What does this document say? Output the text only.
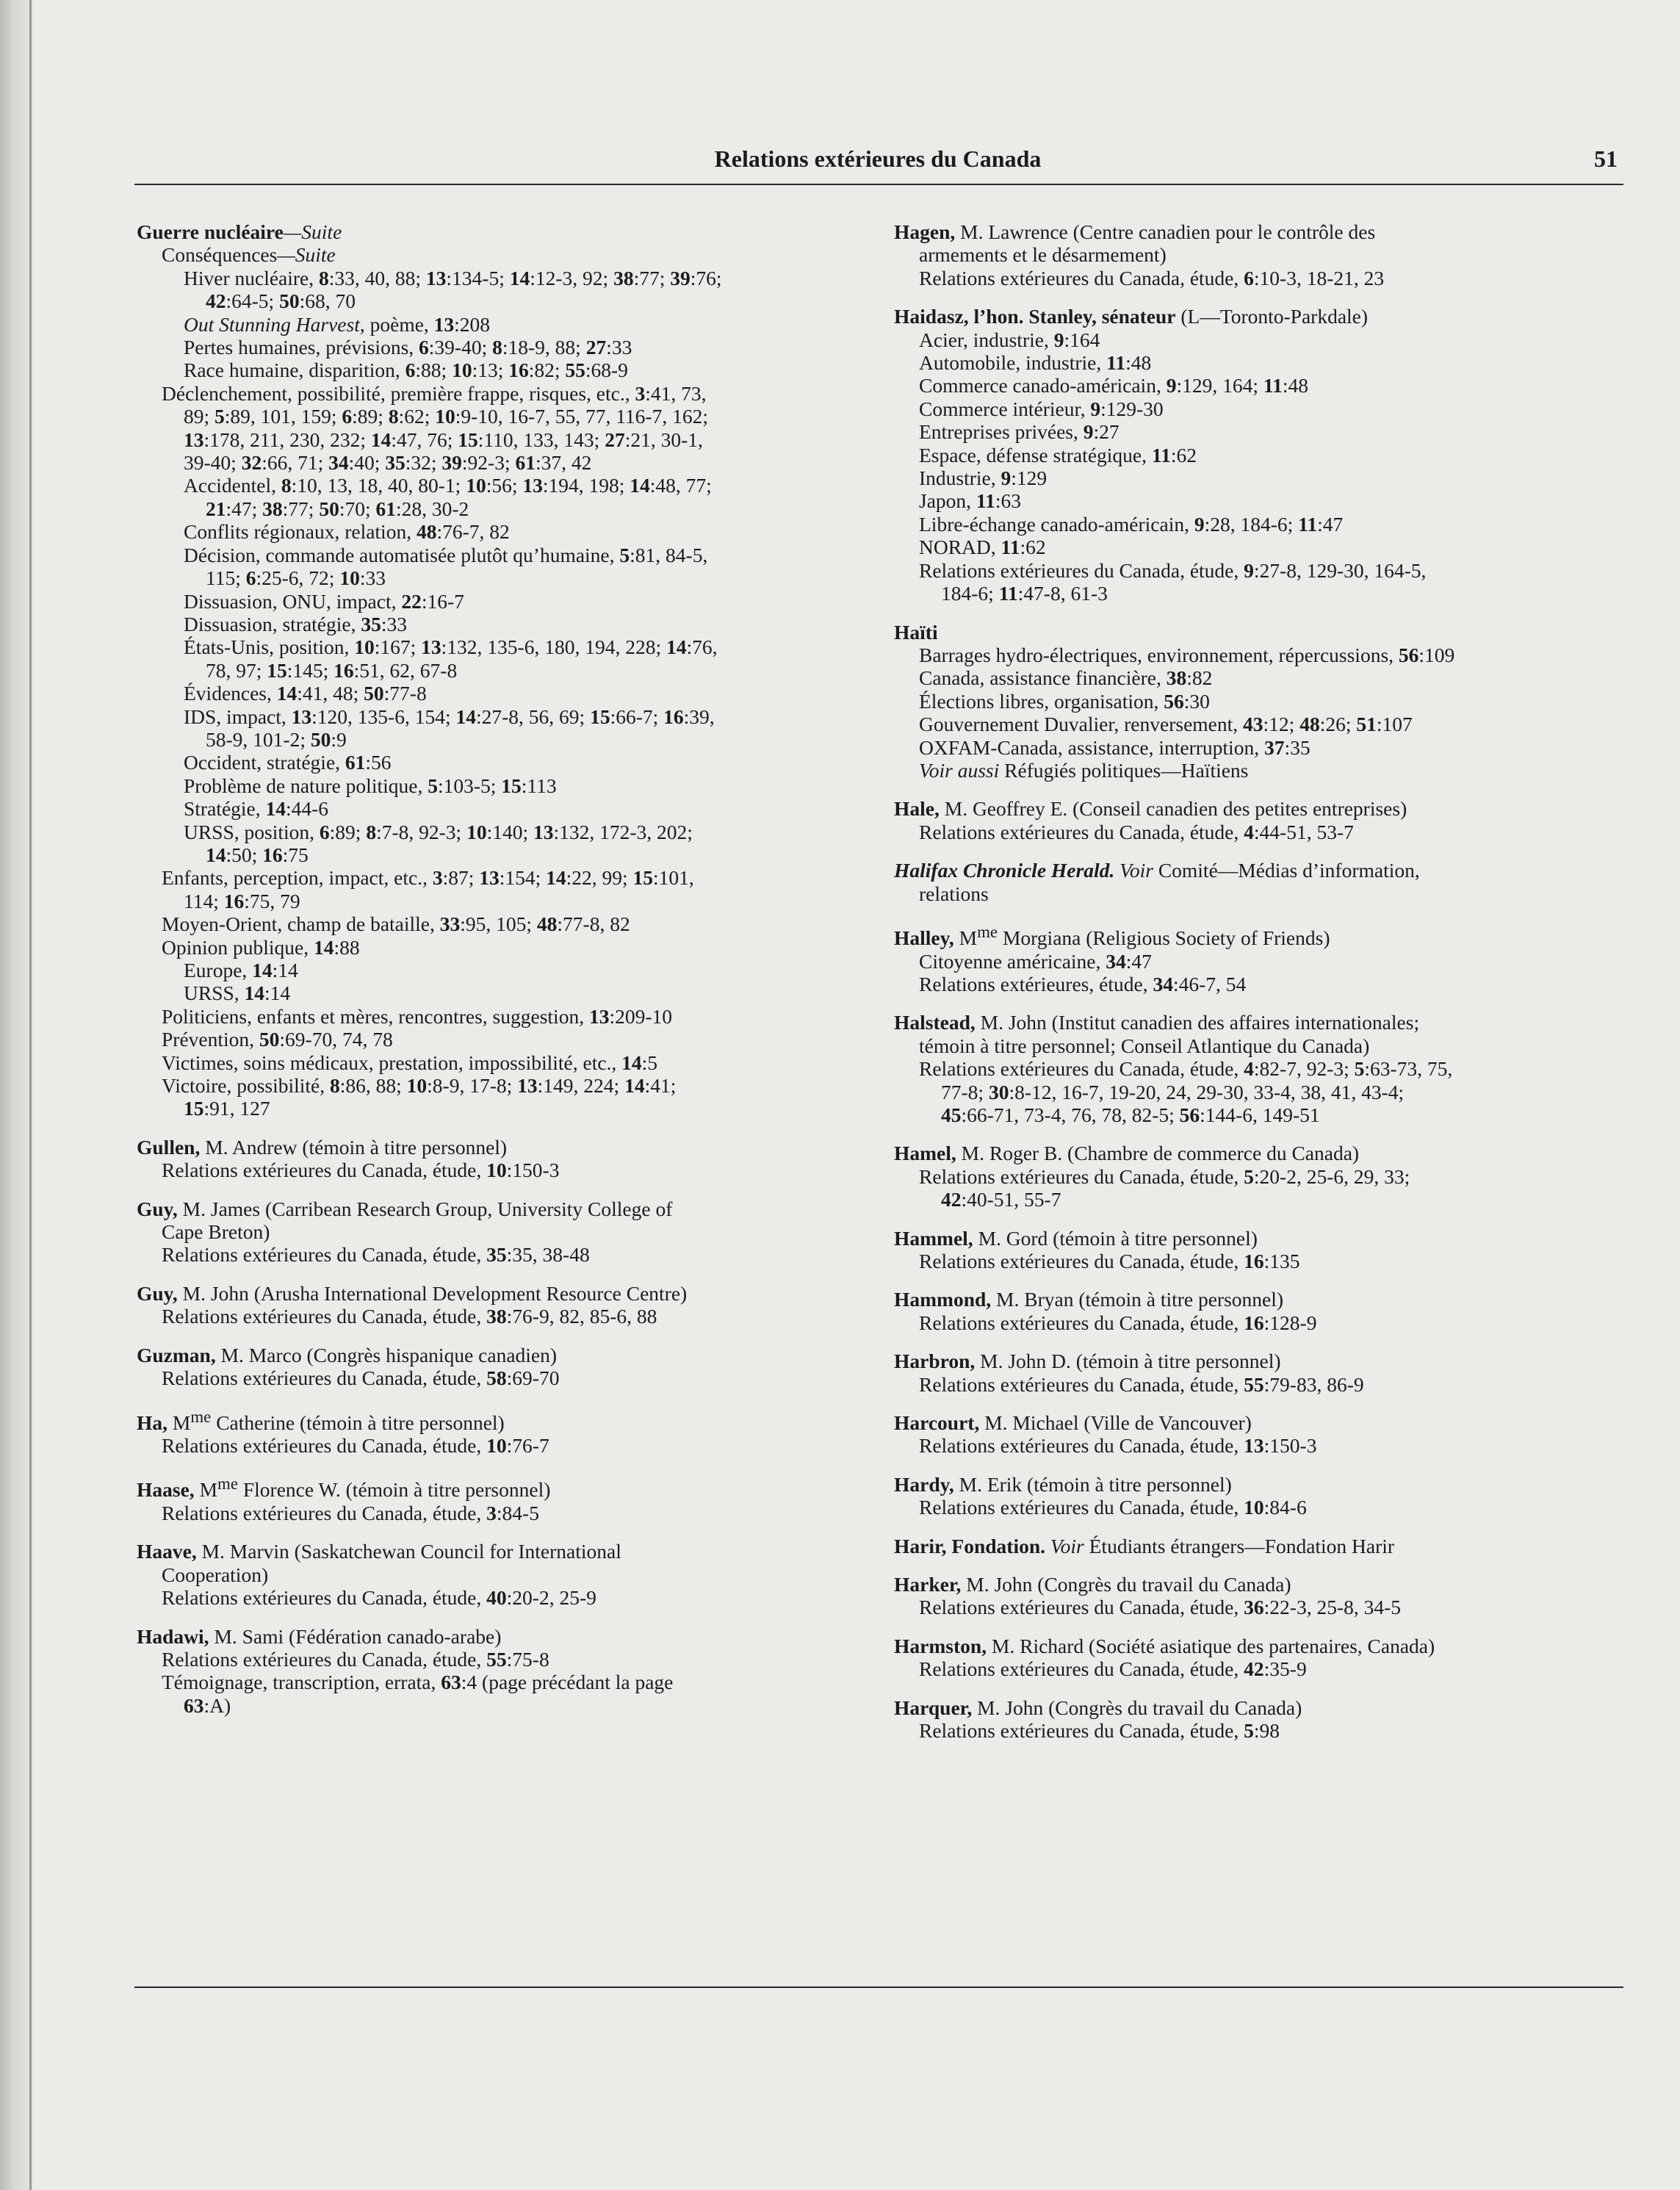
Relations extérieures du Canada	51
Guerre nucléaire—Suite
Conséquences—Suite
Hiver nucléaire, 8:33, 40, 88; 13:134-5; 14:12-3, 92; 38:77; 39:76;
42:64-5; 50:68, 70
Out Stunning Harvest, poème, 13:208
Pertes humaines, prévisions, 6:39-40; 8:18-9, 88; 27:33
Race humaine, disparition, 6:88; 10:13; 16:82; 55:68-9
Déclenchement, possibilité, première frappe, risques, etc., 3:41, 73,
89; 5:89, 101, 159; 6:89; 8:62; 10:9-10, 16-7, 55, 77, 116-7, 162;
13:178, 211, 230, 232; 14:47, 76; 15:110, 133, 143; 27:21, 30-1,
39-40; 32:66, 71; 34:40; 35:32; 39:92-3; 61:37, 42
Accidentel, 8:10, 13, 18, 40, 80-1; 10:56; 13:194, 198; 14:48, 77;
21:47; 38:77; 50:70; 61:28, 30-2
Conflits régionaux, relation, 48:76-7, 82
Décision, commande automatisée plutôt qu’humaine, 5:81, 84-5,
115; 6:25-6, 72; 10:33
Dissuasion, ONU, impact, 22:16-7
Dissuasion, stratégie, 35:33
États-Unis, position, 10:167; 13:132, 135-6, 180, 194, 228; 14:76,
78, 97; 15:145; 16:51, 62, 67-8
Évidences, 14:41, 48; 50:77-8
IDS, impact, 13:120, 135-6, 154; 14:27-8, 56, 69; 15:66-7; 16:39,
58-9, 101-2; 50:9
Occident, stratégie, 61:56
Problème de nature politique, 5:103-5; 15:113
Stratégie, 14:44-6
URSS, position, 6:89; 8:7-8, 92-3; 10:140; 13:132, 172-3, 202;
14:50; 16:75
Enfants, perception, impact, etc., 3:87; 13:154; 14:22, 99; 15:101,
114; 16:75, 79
Moyen-Orient, champ de bataille, 33:95, 105; 48:77-8, 82
Opinion publique, 14:88
Europe, 14:14
URSS, 14:14
Politiciens, enfants et mères, rencontres, suggestion, 13:209-10
Prévention, 50:69-70, 74, 78
Victimes, soins médicaux, prestation, impossibilité, etc., 14:5
Victoire, possibilité, 8:86, 88; 10:8-9, 17-8; 13:149, 224; 14:41;
15:91, 127
Gullen, M. Andrew (témoin à titre personnel)
Relations extérieures du Canada, étude, 10:150-3
Guy, M. James (Carribean Research Group, University College of
Cape Breton)
Relations extérieures du Canada, étude, 35:35, 38-48
Guy, M. John (Arusha International Development Resource Centre)
Relations extérieures du Canada, étude, 38:76-9, 82, 85-6, 88
Guzman, M. Marco (Congrès hispanique canadien)
Relations extérieures du Canada, étude, 58:69-70
Ha, $M^{me}$ Catherine (témoin à titre personnel)
Relations extérieures du Canada, étude, 10:76-7
Haase, $M^{me}$ Florence W. (témoin à titre personnel)
Relations extérieures du Canada, étude, 3:84-5
Haave, M. Marvin (Saskatchewan Council for International
Cooperation)
Relations extérieures du Canada, étude, 40:20-2, 25-9
Hadawi, M. Sami (Fédération canado-arabe)
Relations extérieures du Canada, étude, 55:75-8
Témoignage, transcription, errata, 63:4 (page précédant la page
63:A)
Hagen, M. Lawrence (Centre canadien pour le contrôle des
armements et le désarmement)
Relations extérieures du Canada, étude, 6:10-3, 18-21, 23
Haidasz, l’hon. Stanley, sénateur (L—Toronto-Parkdale)
Acier, industrie, 9:164
Automobile, industrie, 11:48
Commerce canado-américain, 9:129, 164; 11:48
Commerce intérieur, 9:129-30
Entreprises privées, 9:27
Espace, défense stratégique, 11:62
Industrie, 9:129
Japon, 11:63
Libre-échange canado-américain, 9:28, 184-6; 11:47
NORAD, 11:62
Relations extérieures du Canada, étude, 9:27-8, 129-30, 164-5,
184-6; 11:47-8, 61-3
Haïti
Barrages hydro-électriques, environnement, répercussions, 56:109
Canada, assistance financière, 38:82
Élections libres, organisation, 56:30
Gouvernement Duvalier, renversement, 43:12; 48:26; 51:107
OXFAM-Canada, assistance, interruption, 37:35
Voir aussi Réfugiés politiques—Haïtiens
Hale, M. Geoffrey E. (Conseil canadien des petites entreprises)
Relations extérieures du Canada, étude, 4:44-51, 53-7
Halifax Chronicle Herald. Voir Comité—Médias d’information,
relations
Halley, $M^{me}$ Morgiana (Religious Society of Friends)
Citoyenne américaine, 34:47
Relations extérieures, étude, 34:46-7, 54
Halstead, M. John (Institut canadien des affaires internationales;
témoin à titre personnel; Conseil Atlantique du Canada)
Relations extérieures du Canada, étude, 4:82-7, 92-3; 5:63-73, 75,
77-8; 30:8-12, 16-7, 19-20, 24, 29-30, 33-4, 38, 41, 43-4;
45:66-71, 73-4, 76, 78, 82-5; 56:144-6, 149-51
Hamel, M. Roger B. (Chambre de commerce du Canada)
Relations extérieures du Canada, étude, 5:20-2, 25-6, 29, 33;
42:40-51, 55-7
Hammel, M. Gord (témoin à titre personnel)
Relations extérieures du Canada, étude, 16:135
Hammond, M. Bryan (témoin à titre personnel)
Relations extérieures du Canada, étude, 16:128-9
Harbron, M. John D. (témoin à titre personnel)
Relations extérieures du Canada, étude, 55:79-83, 86-9
Harcourt, M. Michael (Ville de Vancouver)
Relations extérieures du Canada, étude, 13:150-3
Hardy, M. Erik (témoin à titre personnel)
Relations extérieures du Canada, étude, 10:84-6
Harir, Fondation. Voir Étudiants étrangers—Fondation Harir
Harker, M. John (Congrès du travail du Canada)
Relations extérieures du Canada, étude, 36:22-3, 25-8, 34-5
Harmston, M. Richard (Société asiatique des partenaires, Canada)
Relations extérieures du Canada, étude, 42:35-9
Harquer, M. John (Congrès du travail du Canada)
Relations extérieures du Canada, étude, 5:98
